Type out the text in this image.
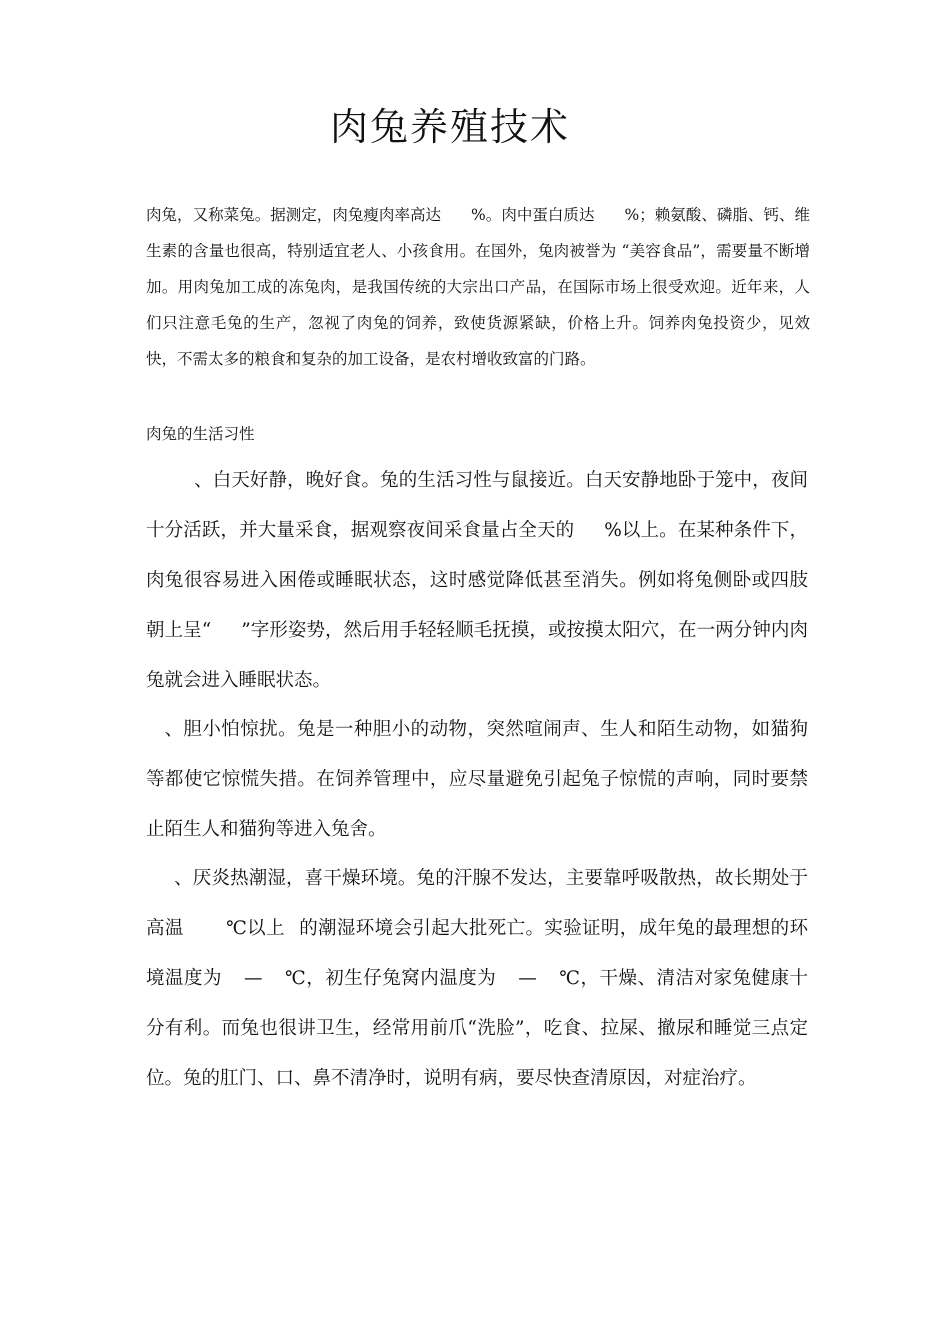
肉兔养殖技术

肉兔，又称菜兔。据测定，肉兔瘦肉率高达 %。肉中蛋白质达 %；赖氨酸、磷脂、钙、维生素的含量也很高，特别适宜老人、小孩食用。在国外，兔肉被誉为 “美容食品”，需要量不断增加。用肉兔加工成的冻兔肉，是我国传统的大宗出口产品，在国际市场上很受欢迎。近年来，人们只注意毛兔的生产，忽视了肉兔的饲养，致使货源紧缺，价格上升。饲养肉兔投资少，见效快，不需太多的粮食和复杂的加工设备，是农村增收致富的门路。

肉兔的生活习性

、白天好静，晚好食。兔的生活习性与鼠接近。白天安静地卧于笼中，夜间十分活跃，并大量采食，据观察夜间采食量占全天的 %以上。在某种条件下，肉兔很容易进入困倦或睡眠状态，这时感觉降低甚至消失。例如将兔侧卧或四肢朝上呈“ ”字形姿势，然后用手轻轻顺毛抚摸，或按摸太阳穴，在一两分钟内肉兔就会进入睡眠状态。

、胆小怕惊扰。兔是一种胆小的动物，突然喧闹声、生人和陌生动物，如猫狗等都使它惊慌失措。在饲养管理中，应尽量避免引起兔子惊慌的声响，同时要禁止陌生人和猫狗等进入兔舍。

、厌炎热潮湿，喜干燥环境。兔的汗腺不发达，主要靠呼吸散热，故长期处于高温 ℃以上 的潮湿环境会引起大批死亡。实验证明，成年兔的最理想的环境温度为 — ℃，初生仔兔窝内温度为 — ℃，干燥、清洁对家兔健康十分有利。而兔也很讲卫生，经常用前爪“洗脸”，吃食、拉屎、撤尿和睡觉三点定位。兔的肛门、口、鼻不清净时，说明有病，要尽快查清原因，对症治疗。
